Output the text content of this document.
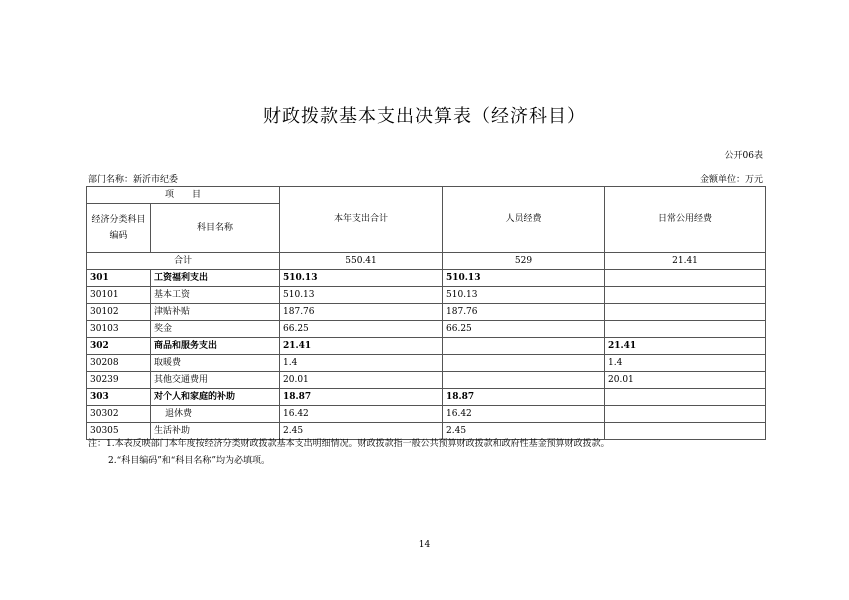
财政拨款基本支出决算表（经济科目）
公开06表
部门名称：新沂市纪委	金额单位：万元
项　　目		本年支出合计	人员经费	日常公用经费
经济分类科目编码	科目名称			
合计		550.41	529	21.41
301	工资福利支出	510.13	510.13	
30101	基本工资	510.13	510.13	
30102	津贴补贴	187.76	187.76	
30103	奖金	66.25	66.25	
302	商品和服务支出	21.41		21.41
30208	取暖费	1.4		1.4
30239	其他交通费用	20.01		20.01
303	对个人和家庭的补助	18.87	18.87	
30302	退休费	16.42	16.42	
30305	生活补助	2.45	2.45	
注：1.本表反映部门本年度按经济分类财政拨款基本支出明细情况。财政拨款指一般公共预算财政拨款和政府性基金预算财政拨款。
2.“科目编码”和“科目名称”均为必填项。
14
